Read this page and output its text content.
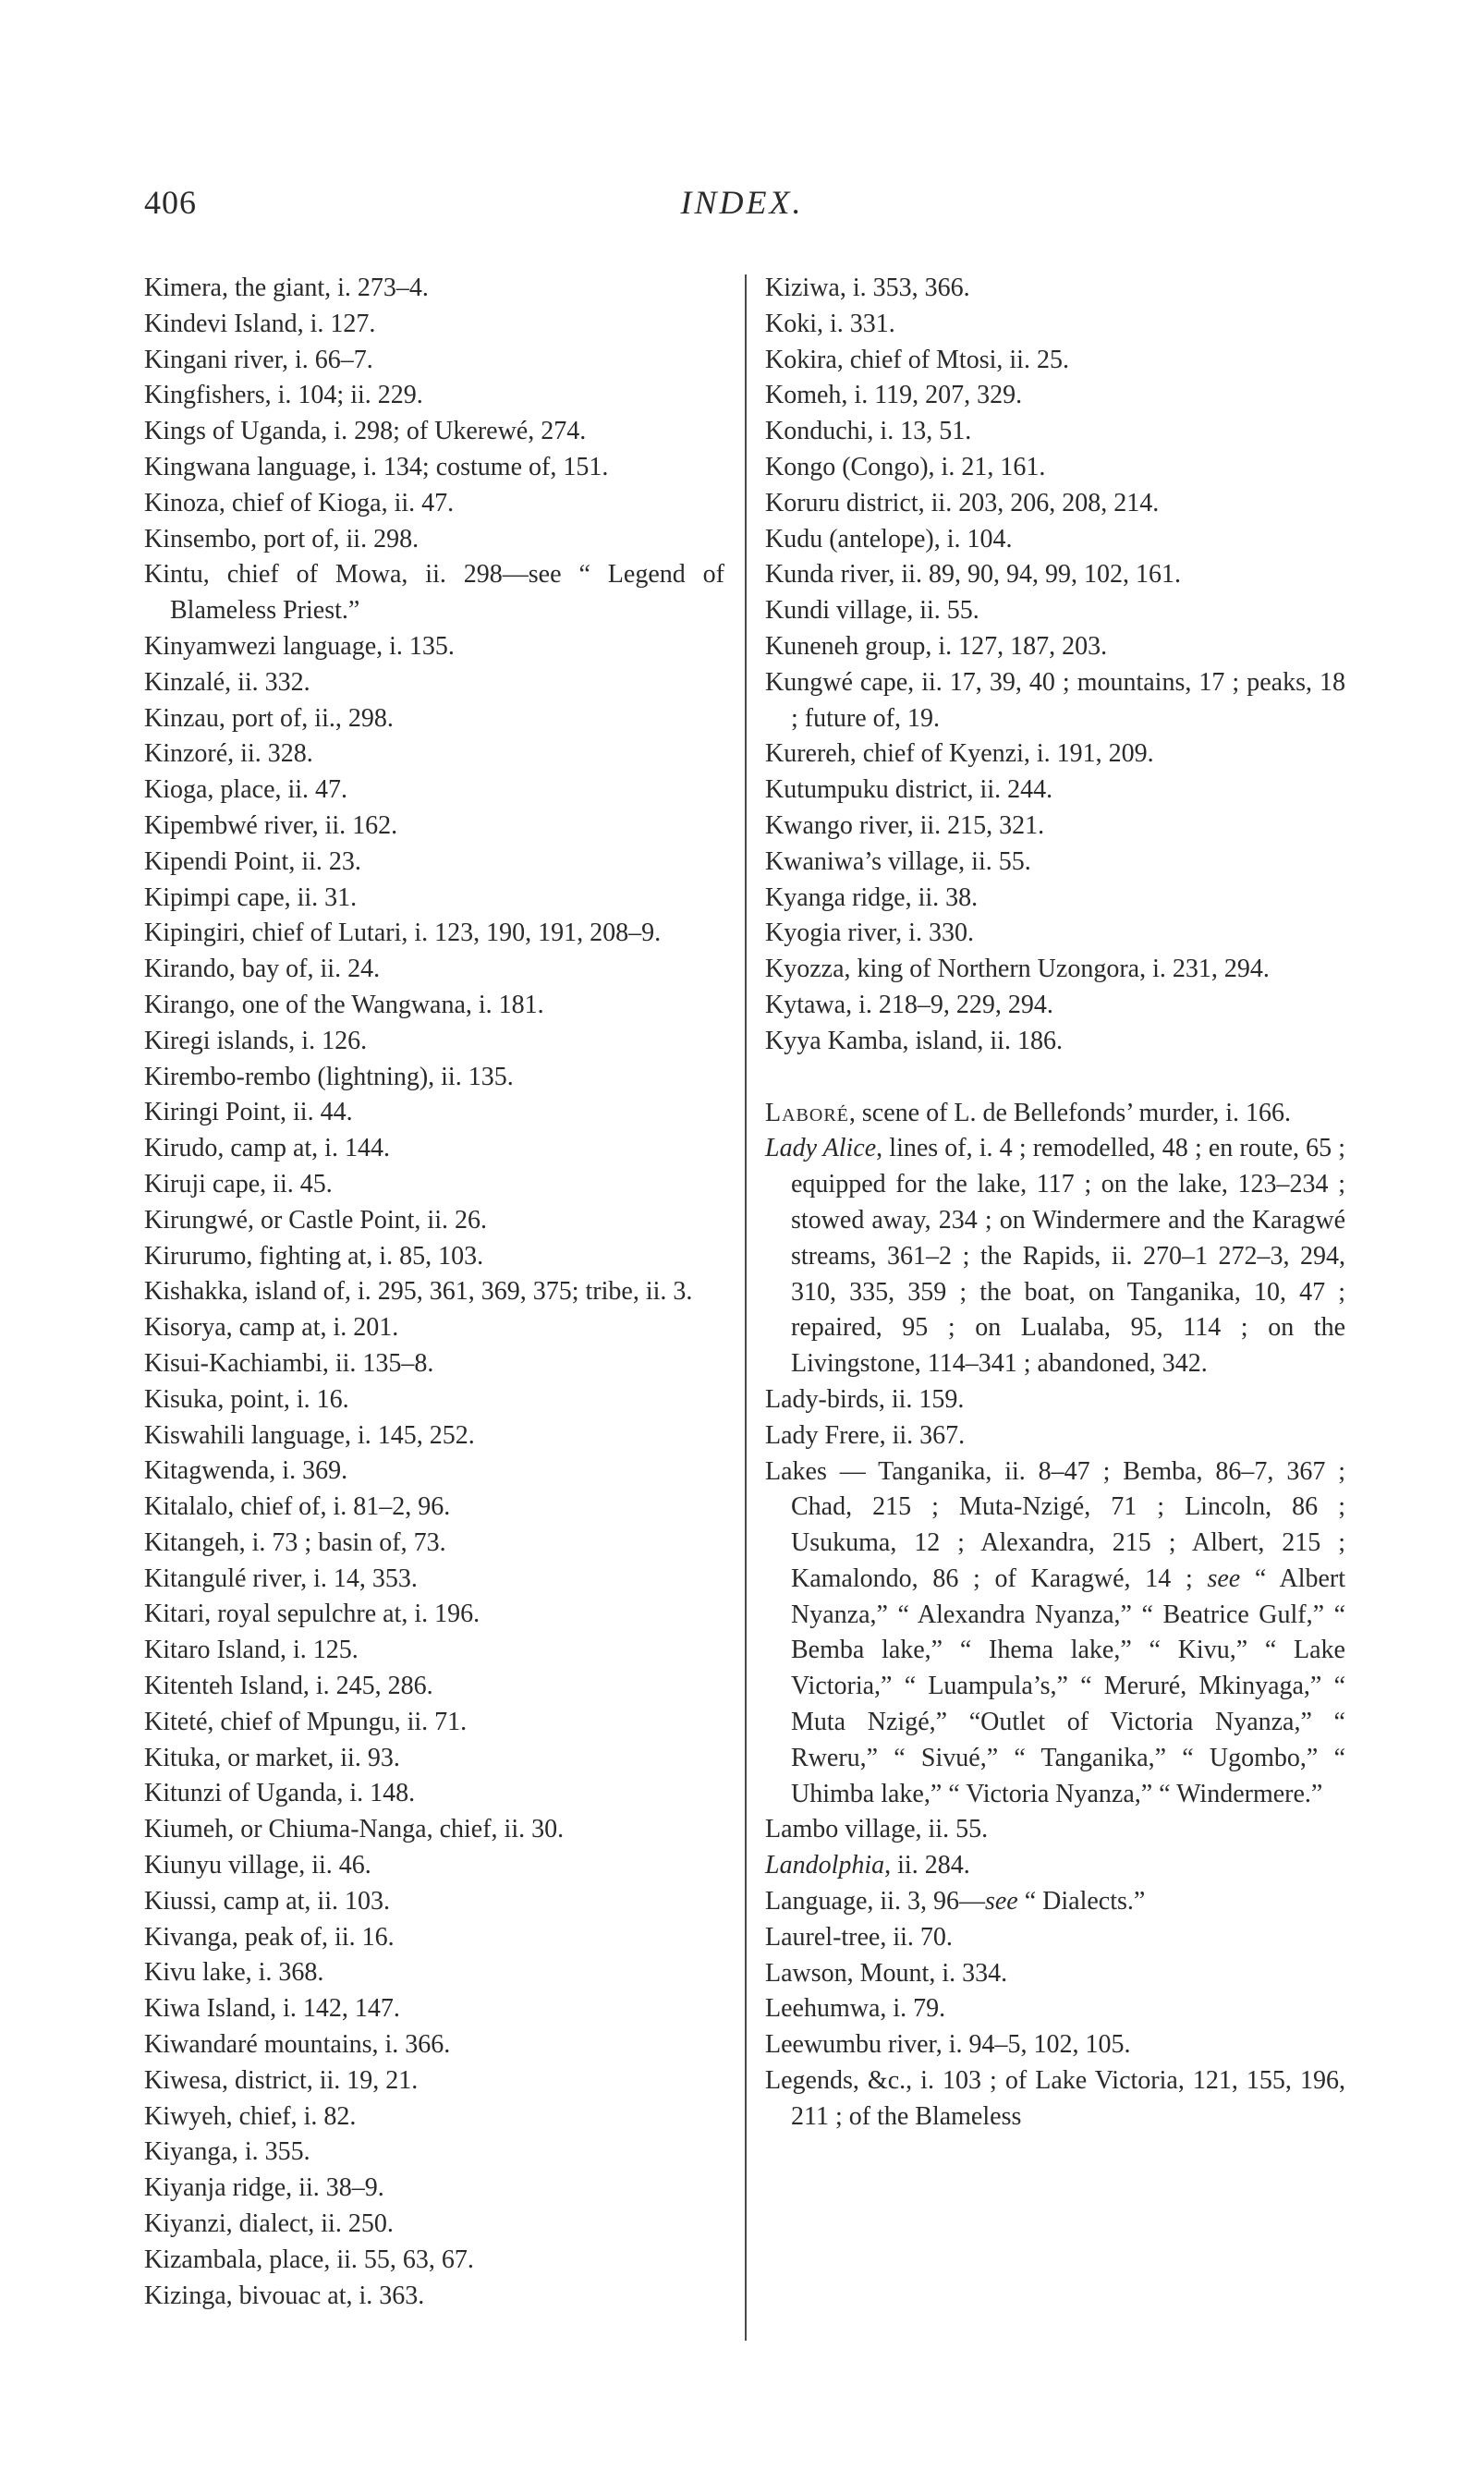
406	INDEX.

Kimera, the giant, i. 273–4.

Kindevi Island, i. 127.

Kingani river, i. 66–7.

Kingfishers, i. 104; ii. 229.

Kings of Uganda, i. 298; of Ukerewé, 274.

Kingwana language, i. 134; costume of, 151.

Kinoza, chief of Kioga, ii. 47.

Kinsembo, port of, ii. 298.

Kintu, chief of Mowa, ii. 298—see “ Legend of Blameless Priest.”

Kinyamwezi language, i. 135.

Kinzalé, ii. 332.

Kinzau, port of, ii., 298.

Kinzoré, ii. 328.

Kioga, place, ii. 47.

Kipembwé river, ii. 162.

Kipendi Point, ii. 23.

Kipimpi cape, ii. 31.

Kipingiri, chief of Lutari, i. 123, 190, 191, 208–9.

Kirando, bay of, ii. 24.

Kirango, one of the Wangwana, i. 181.

Kiregi islands, i. 126.

Kirembo-rembo (lightning), ii. 135.

Kiringi Point, ii. 44.

Kirudo, camp at, i. 144.

Kiruji cape, ii. 45.

Kirungwé, or Castle Point, ii. 26.

Kirurumo, fighting at, i. 85, 103.

Kishakka, island of, i. 295, 361, 369, 375; tribe, ii. 3.

Kisorya, camp at, i. 201.

Kisui-Kachiambi, ii. 135–8.

Kisuka, point, i. 16.

Kiswahili language, i. 145, 252.

Kitagwenda, i. 369.

Kitalalo, chief of, i. 81–2, 96.

Kitangeh, i. 73 ; basin of, 73.

Kitangulé river, i. 14, 353.

Kitari, royal sepulchre at, i. 196.

Kitaro Island, i. 125.

Kitenteh Island, i. 245, 286.

Kiteté, chief of Mpungu, ii. 71.

Kituka, or market, ii. 93.

Kitunzi of Uganda, i. 148.

Kiumeh, or Chiuma-Nanga, chief, ii. 30.

Kiunyu village, ii. 46.

Kiussi, camp at, ii. 103.

Kivanga, peak of, ii. 16.

Kivu lake, i. 368.

Kiwa Island, i. 142, 147.

Kiwandaré mountains, i. 366.

Kiwesa, district, ii. 19, 21.

Kiwyeh, chief, i. 82.

Kiyanga, i. 355.

Kiyanja ridge, ii. 38–9.

Kiyanzi, dialect, ii. 250.

Kizambala, place, ii. 55, 63, 67.

Kizinga, bivouac at, i. 363.

Kiziwa, i. 353, 366.

Koki, i. 331.

Kokira, chief of Mtosi, ii. 25.

Komeh, i. 119, 207, 329.

Konduchi, i. 13, 51.

Kongo (Congo), i. 21, 161.

Koruru district, ii. 203, 206, 208, 214.

Kudu (antelope), i. 104.

Kunda river, ii. 89, 90, 94, 99, 102, 161.

Kundi village, ii. 55.

Kuneneh group, i. 127, 187, 203.

Kungwé cape, ii. 17, 39, 40 ; mountains, 17 ; peaks, 18 ; future of, 19.

Kurereh, chief of Kyenzi, i. 191, 209.

Kutumpuku district, ii. 244.

Kwango river, ii. 215, 321.

Kwaniwa’s village, ii. 55.

Kyanga ridge, ii. 38.

Kyogia river, i. 330.

Kyozza, king of Northern Uzongora, i. 231, 294.

Kytawa, i. 218–9, 229, 294.

Kyya Kamba, island, ii. 186.

Laboré, scene of L. de Bellefonds’ murder, i. 166.

Lady Alice, lines of, i. 4 ; remodelled, 48 ; en route, 65 ; equipped for the lake, 117 ; on the lake, 123–234 ; stowed away, 234 ; on Windermere and the Karagwé streams, 361–2 ; the Rapids, ii. 270–1 272–3, 294, 310, 335, 359 ; the boat, on Tanganika, 10, 47 ; repaired, 95 ; on Lualaba, 95, 114 ; on the Livingstone, 114–341 ; abandoned, 342.

Lady-birds, ii. 159.

Lady Frere, ii. 367.

Lakes — Tanganika, ii. 8–47 ; Bemba, 86–7, 367 ; Chad, 215 ; Muta-Nzigé, 71 ; Lincoln, 86 ; Usukuma, 12 ; Alexandra, 215 ; Albert, 215 ; Kamalondo, 86 ; of Karagwé, 14 ; see “ Albert Nyanza,” “ Alexandra Nyanza,” “ Beatrice Gulf,” “ Bemba lake,” “ Ihema lake,” “ Kivu,” “ Lake Victoria,” “ Luampula’s,” “ Meruré, Mkinyaga,” “ Muta Nzigé,” “Outlet of Victoria Nyanza,” “ Rweru,” “ Sivué,” “ Tanganika,” “ Ugombo,” “ Uhimba lake,” “ Victoria Nyanza,” “ Windermere.”

Lambo village, ii. 55.

Landolphia, ii. 284.

Language, ii. 3, 96—see “ Dialects.”

Laurel-tree, ii. 70.

Lawson, Mount, i. 334.

Leehumwa, i. 79.

Leewumbu river, i. 94–5, 102, 105.

Legends, &c., i. 103 ; of Lake Victoria, 121, 155, 196, 211 ; of the Blameless
